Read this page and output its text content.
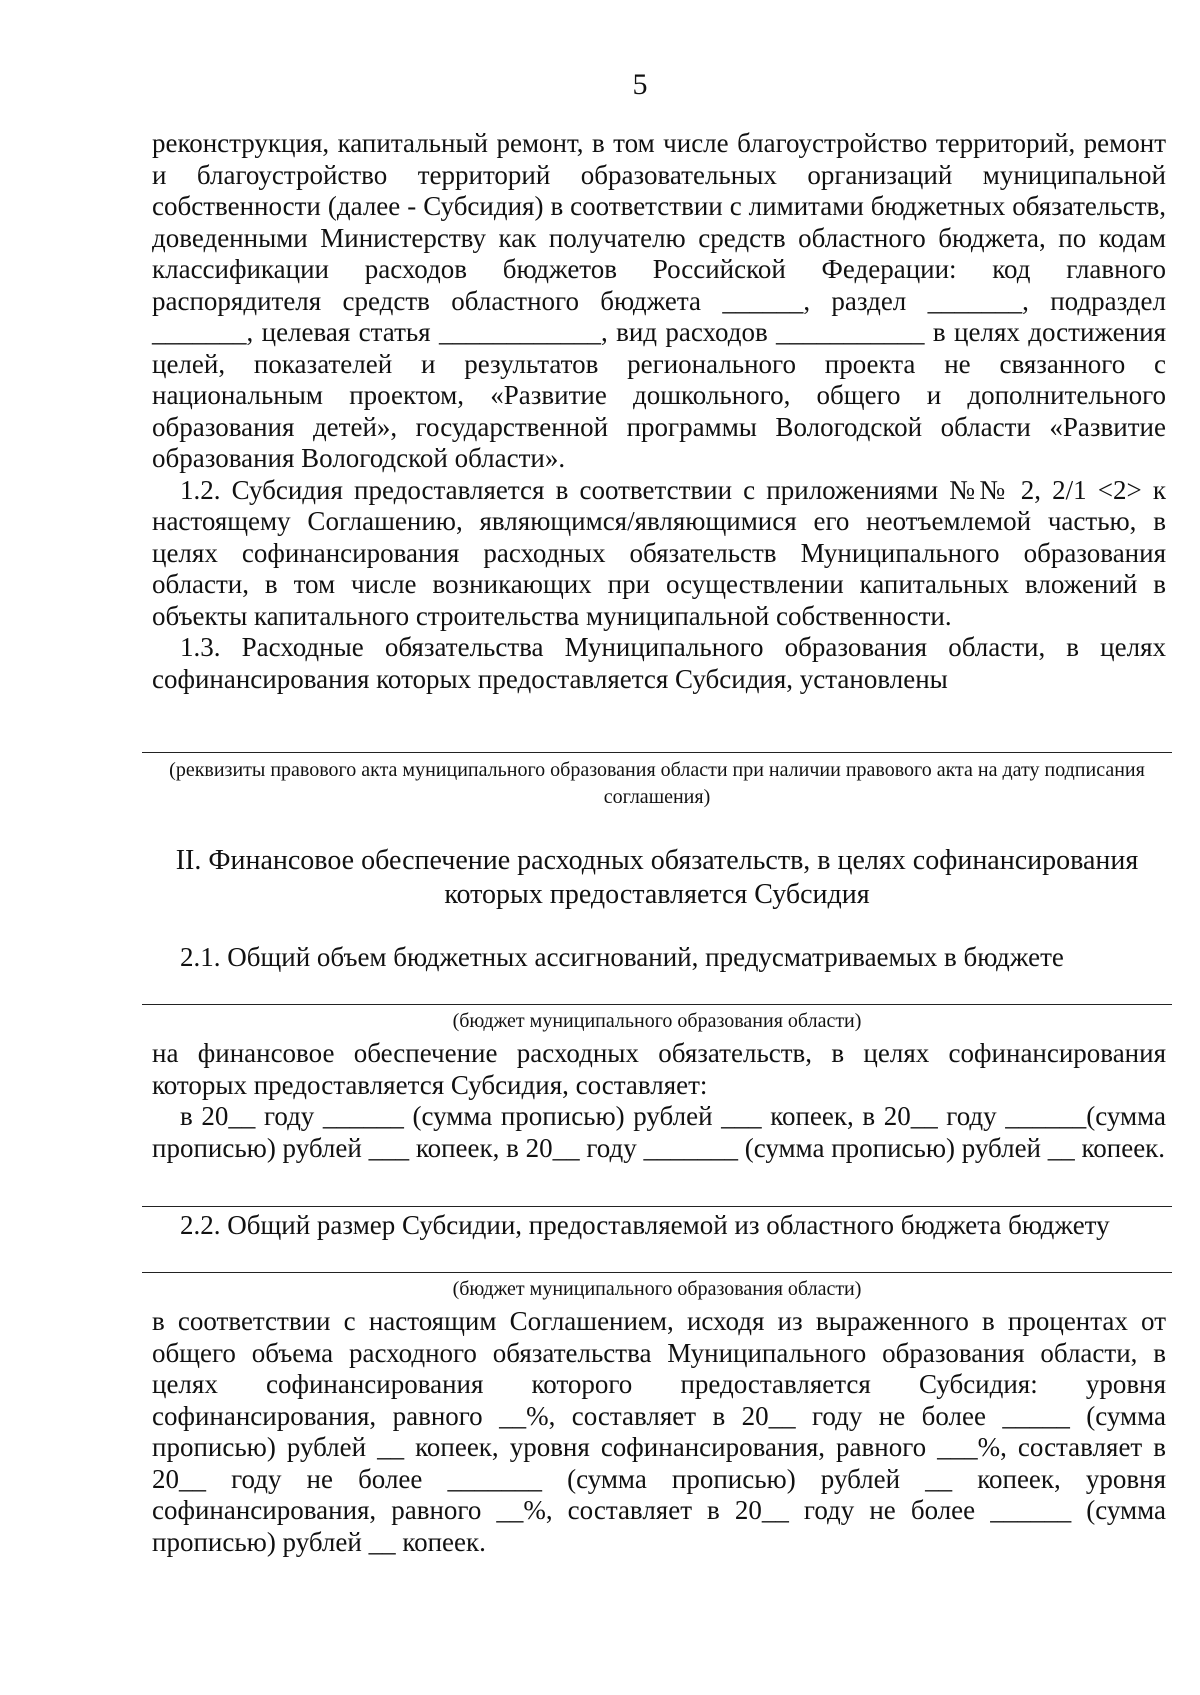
5

реконструкция, капитальный ремонт, в том числе благоустройство территорий, ремонт и благоустройство территорий образовательных организаций муниципальной собственности (далее - Субсидия) в соответствии с лимитами бюджетных обязательств, доведенными Министерству как получателю средств областного бюджета, по кодам классификации расходов бюджетов Российской Федерации: код главного распорядителя средств областного бюджета ______, раздел _______, подраздел _______, целевая статья ____________, вид расходов ___________ в целях достижения целей, показателей и результатов регионального проекта не связанного с национальным проектом, «Развитие дошкольного, общего и дополнительного образования детей», государственной программы Вологодской области «Развитие образования Вологодской области».

1.2. Субсидия предоставляется в соответствии с приложениями №№ 2, 2/1 <2> к настоящему Соглашению, являющимся/являющимися его неотъемлемой частью, в целях софинансирования расходных обязательств Муниципального образования области, в том числе возникающих при осуществлении капитальных вложений в объекты капитального строительства муниципальной собственности.

1.3. Расходные обязательства Муниципального образования области, в целях софинансирования которых предоставляется Субсидия, установлены

(реквизиты правового акта муниципального образования области при наличии правового акта на дату подписания соглашения)
II. Финансовое обеспечение расходных обязательств, в целях софинансирования которых предоставляется Субсидия
2.1. Общий объем бюджетных ассигнований, предусматриваемых в бюджете
(бюджет муниципального образования области)

на финансовое обеспечение расходных обязательств, в целях софинансирования которых предоставляется Субсидия, составляет:

в 20__ году ______ (сумма прописью) рублей ___ копеек, в 20__ году ______(сумма прописью) рублей ___ копеек, в 20__ году _______ (сумма прописью) рублей __ копеек.

2.2. Общий размер Субсидии, предоставляемой из областного бюджета бюджету
(бюджет муниципального образования области)

в соответствии с настоящим Соглашением, исходя из выраженного в процентах от общего объема расходного обязательства Муниципального образования области, в целях софинансирования которого предоставляется Субсидия: уровня софинансирования, равного __%, составляет в 20__ году не более _____ (сумма прописью) рублей __ копеек, уровня софинансирования, равного ___%, составляет в 20__ году не более _______ (сумма прописью) рублей __ копеек, уровня софинансирования, равного __%, составляет в 20__ году не более ______ (сумма прописью) рублей __ копеек.
